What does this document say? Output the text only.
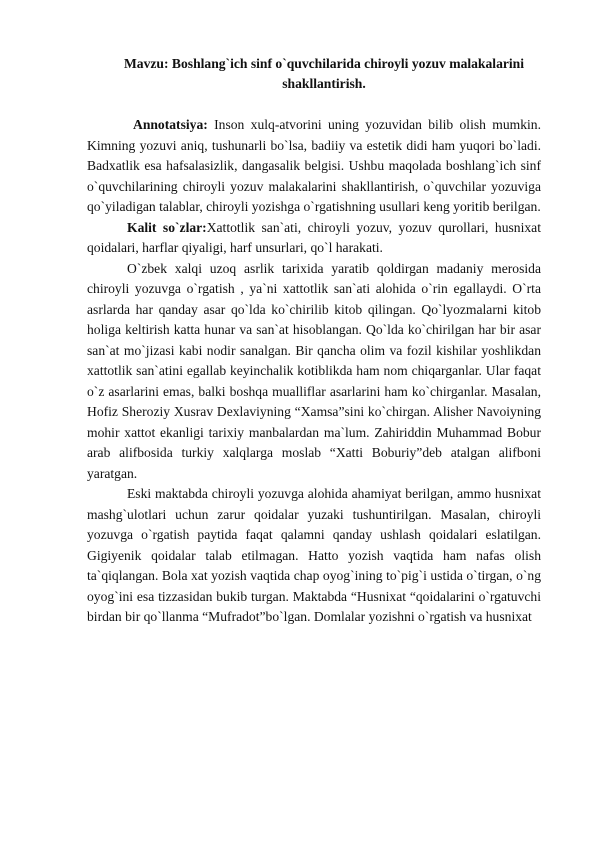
Mavzu: Boshlang`ich sinf o`quvchilarida chiroyli yozuv malakalarini
shakllantirish.

Annotatsiya: Inson xulq-atvorini uning yozuvidan bilib olish mumkin. Kimning yozuvi aniq, tushunarli bo`lsa, badiiy va estetik didi ham yuqori bo`ladi. Badxatlik esa hafsalasizlik, dangasalik belgisi. Ushbu maqolada boshlang`ich sinf o`quvchilarining chiroyli yozuv malakalarini shakllantirish, o`quvchilar yozuviga qo`yiladigan talablar, chiroyli yozishga o`rgatishning usullari keng yoritib berilgan.

Kalit so`zlar:Xattotlik san`ati, chiroyli yozuv, yozuv qurollari, husnixat qoidalari, harflar qiyaligi, harf unsurlari, qo`l harakati.

O`zbek xalqi uzoq asrlik tarixida yaratib qoldirgan madaniy merosida chiroyli yozuvga o`rgatish , ya`ni xattotlik san`ati alohida o`rin egallaydi. O`rta asrlarda har qanday asar qo`lda ko`chirilib kitob qilingan. Qo`lyozmalarni kitob holiga keltirish katta hunar va san`at hisoblangan. Qo`lda ko`chirilgan har bir asar san`at mo`jizasi kabi nodir sanalgan. Bir qancha olim va fozil kishilar yoshlikdan xattotlik san`atini egallab keyinchalik kotiblikda ham nom chiqarganlar. Ular faqat o`z asarlarini emas, balki boshqa mualliflar asarlarini ham ko`chirganlar. Masalan, Hofiz Sheroziy Xusrav Dexlaviyning “Xamsa”sini ko`chirgan. Alisher Navoiyning mohir xattot ekanligi tarixiy manbalardan ma`lum. Zahiriddin Muhammad Bobur arab alifbosida turkiy xalqlarga moslab “Xatti Boburiy”deb atalgan alifboni yaratgan.

Eski maktabda chiroyli yozuvga alohida ahamiyat berilgan, ammo husnixat mashg`ulotlari uchun zarur qoidalar yuzaki tushuntirilgan. Masalan, chiroyli yozuvga o`rgatish paytida faqat qalamni qanday ushlash qoidalari eslatilgan. Gigiyenik qoidalar talab etilmagan. Hatto yozish vaqtida ham nafas olish ta`qiqlangan. Bola xat yozish vaqtida chap oyog`ining to`pig`i ustida o`tirgan, o`ng oyog`ini esa tizzasidan bukib turgan. Maktabda “Husnixat “qoidalarini o`rgatuvchi birdan bir qo`llanma “Mufradot”bo`lgan. Domlalar yozishni o`rgatish va husnixat
